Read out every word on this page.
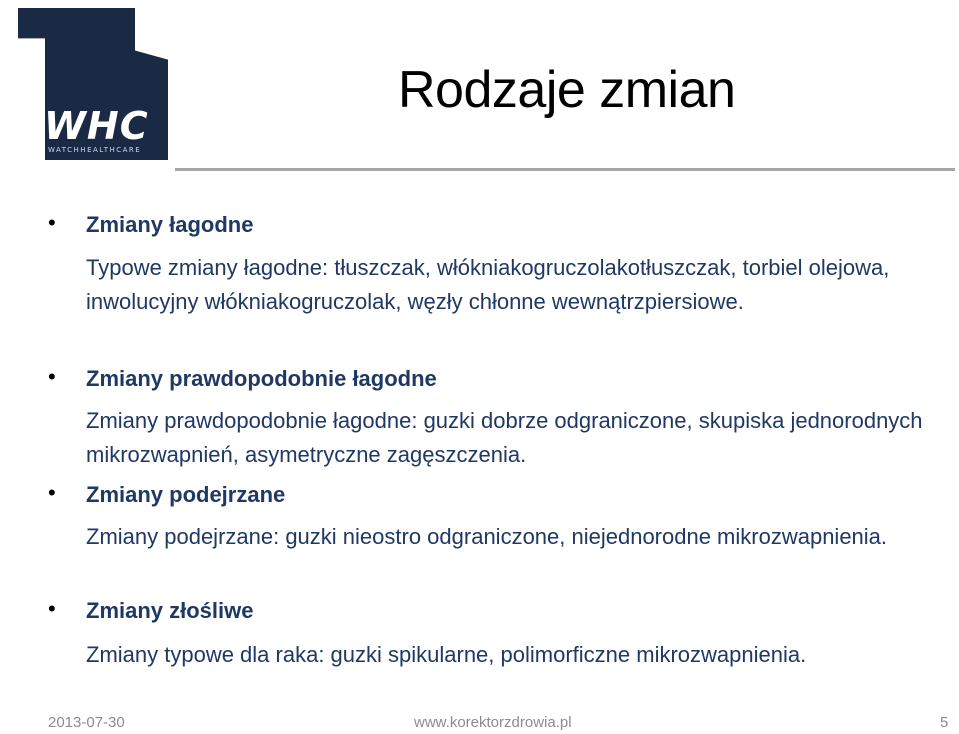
WHC
WATCHHEALTHCARE
Rodzaje zmian
• Zmiany łagodne
Typowe zmiany łagodne: tłuszczak, włókniakogruczolakotłuszczak, torbiel olejowa, inwolucyjny włókniakogruczolak, węzły chłonne wewnątrzpiersiowe.
• Zmiany prawdopodobnie łagodne
Zmiany prawdopodobnie łagodne: guzki dobrze odgraniczone, skupiska jednorodnych mikrozwapnień, asymetryczne zagęszczenia.
• Zmiany podejrzane
Zmiany podejrzane: guzki nieostro odgraniczone, niejednorodne mikrozwapnienia.
• Zmiany złośliwe
Zmiany typowe dla raka: guzki spikularne, polimorficzne mikrozwapnienia.
2013-07-30	www.korektorzdrowia.pl	5
